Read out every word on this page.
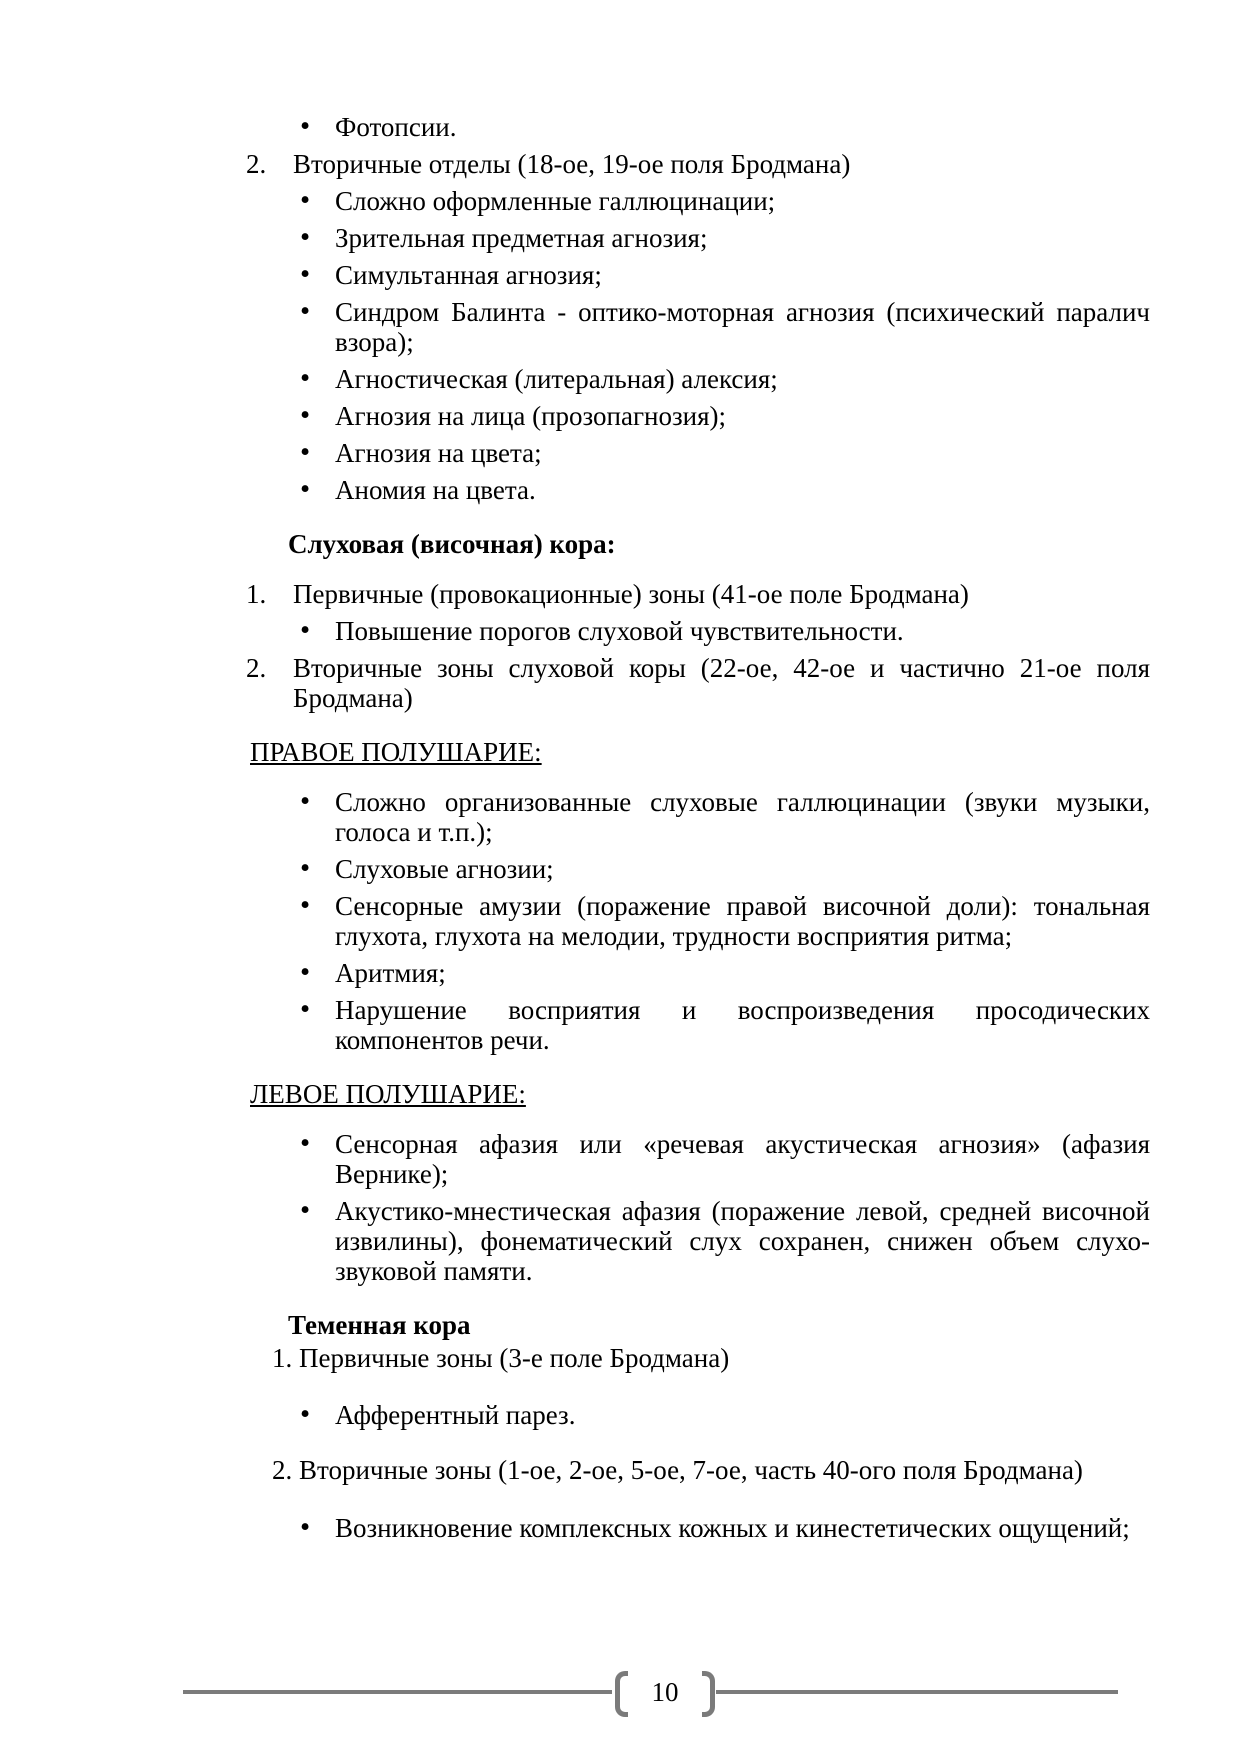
• Фотопсии.
2. Вторичные отделы (18-ое, 19-ое поля Бродмана)
• Сложно оформленные галлюцинации;
• Зрительная предметная агнозия;
• Симультанная агнозия;
• Синдром Балинта - оптико-моторная агнозия (психический паралич взора);
• Агностическая (литеральная) алексия;
• Агнозия на лица (прозопагнозия);
• Агнозия на цвета;
• Аномия на цвета.
Слуховая (височная) кора:
1. Первичные (провокационные) зоны (41-ое поле Бродмана)
• Повышение порогов слуховой чувствительности.
2. Вторичные зоны слуховой коры (22-ое, 42-ое и частично 21-ое поля Бродмана)
ПРАВОЕ ПОЛУШАРИЕ:
• Сложно организованные слуховые галлюцинации (звуки музыки, голоса и т.п.);
• Слуховые агнозии;
• Сенсорные амузии (поражение правой височной доли): тональная глухота, глухота на мелодии, трудности восприятия ритма;
• Аритмия;
• Нарушение восприятия и воспроизведения просодических компонентов речи.
ЛЕВОЕ ПОЛУШАРИЕ:
• Сенсорная афазия или «речевая акустическая агнозия» (афазия Вернике);
• Акустико-мнестическая афазия (поражение левой, средней височной извилины), фонематический слух сохранен, снижен объем слухо-звуковой памяти.
Теменная кора
1. Первичные зоны (3-е поле Бродмана)
• Афферентный парез.
2. Вторичные зоны (1-ое, 2-ое, 5-ое, 7-ое, часть 40-ого поля Бродмана)
• Возникновение комплексных кожных и кинестетических ощущений;
10
